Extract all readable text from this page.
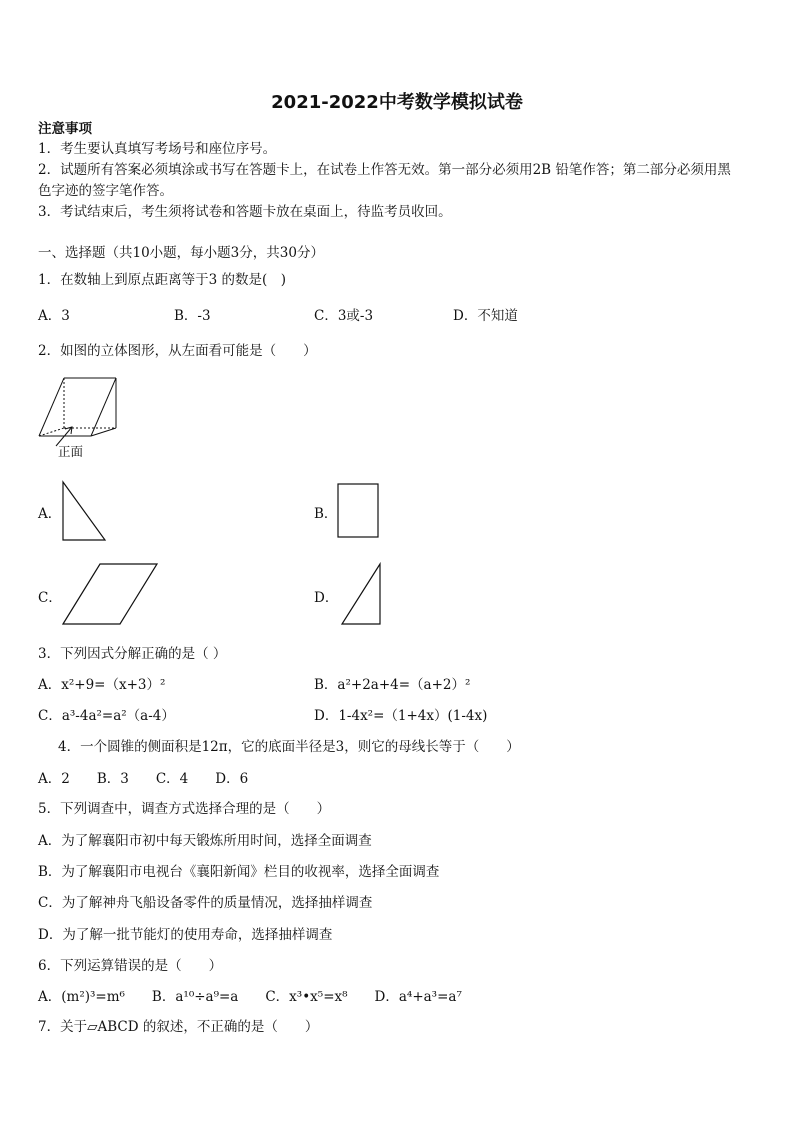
2021-2022中考数学模拟试卷
注意事项
1．考生要认真填写考场号和座位序号。
2．试题所有答案必须填涂或书写在答题卡上，在试卷上作答无效。第一部分必须用2B 铅笔作答；第二部分必须用黑
色字迹的签字笔作答。
3．考试结束后，考生须将试卷和答题卡放在桌面上，待监考员收回。
一、选择题（共10小题，每小题3分，共30分）
1．在数轴上到原点距离等于3 的数是(　)
A．3	B．-3	C．3或-3	D．不知道
2．如图的立体图形，从左面看可能是（　　）
正面
A．	B．
C．	D．
3．下列因式分解正确的是（ ）
A．x²+9=（x+3）²	B．a²+2a+4=（a+2）²
C．a³-4a²=a²（a-4）	D．1-4x²=（1+4x）(1-4x)
4．一个圆锥的侧面积是12π，它的底面半径是3，则它的母线长等于（　　）
A．2　　B．3　　C．4　　D．6
5．下列调查中，调查方式选择合理的是（　　）
A．为了解襄阳市初中每天锻炼所用时间，选择全面调查
B．为了解襄阳市电视台《襄阳新闻》栏目的收视率，选择全面调查
C．为了解神舟飞船设备零件的质量情况，选择抽样调查
D．为了解一批节能灯的使用寿命，选择抽样调查
6．下列运算错误的是（　　）
A．(m²)³=m⁶　　B．a¹⁰÷a⁹=a　　C．x³•x⁵=x⁸　　D．a⁴+a³=a⁷
7．关于▱ABCD 的叙述，不正确的是（　　）
